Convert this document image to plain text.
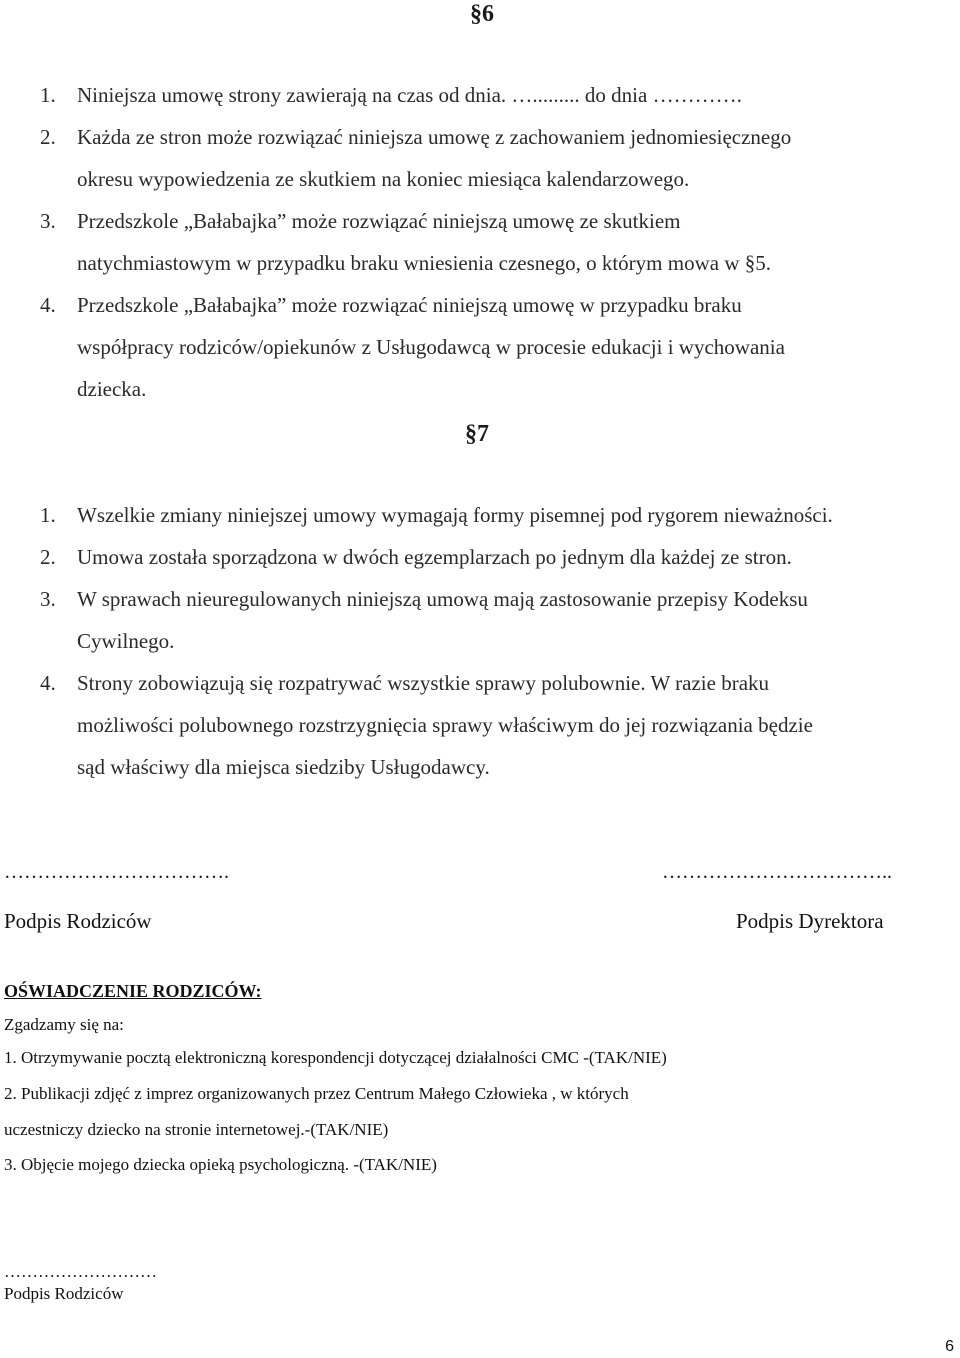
§6
1. Niniejsza umowę strony zawierają na czas od dnia. …......... do dnia ………….
2. Każda ze stron może rozwiązać niniejsza umowę z zachowaniem jednomiesięcznego
okresu wypowiedzenia ze skutkiem na koniec miesiąca kalendarzowego.
3. Przedszkole „Bałabajka” może rozwiązać niniejszą umowę ze skutkiem
natychmiastowym w przypadku braku wniesienia czesnego, o którym mowa w §5.
4. Przedszkole „Bałabajka” może rozwiązać niniejszą umowę w przypadku braku
współpracy rodziców/opiekunów z Usługodawcą w procesie edukacji i wychowania
dziecka.
§7
1. Wszelkie zmiany niniejszej umowy wymagają formy pisemnej pod rygorem nieważności.
2. Umowa została sporządzona w dwóch egzemplarzach po jednym dla każdej ze stron.
3. W sprawach nieuregulowanych niniejszą umową mają zastosowanie przepisy Kodeksu
Cywilnego.
4. Strony zobowiązują się rozpatrywać wszystkie sprawy polubownie. W razie braku
możliwości polubownego rozstrzygnięcia sprawy właściwym do jej rozwiązania będzie
sąd właściwy dla miejsca siedziby Usługodawcy.
…………………………….
Podpis Rodziców
……………………………..
Podpis Dyrektora
OŚWIADCZENIE RODZICÓW:
Zgadzamy się na:
1. Otrzymywanie pocztą elektroniczną korespondencji dotyczącej działalności CMC -(TAK/NIE)
2. Publikacji zdjęć z imprez organizowanych przez Centrum Małego Człowieka , w których
uczestniczy dziecko na stronie internetowej.-(TAK/NIE)
3. Objęcie mojego dziecka opieką psychologiczną. -(TAK/NIE)
………………………
Podpis Rodziców
6
